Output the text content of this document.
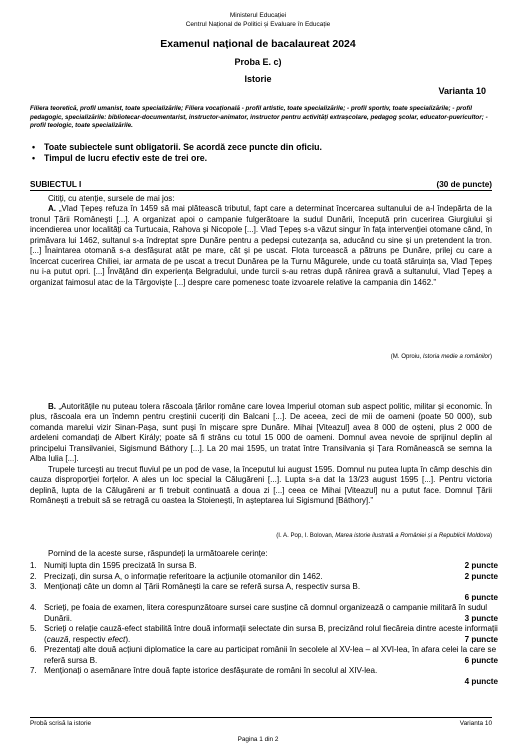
Ministerul Educației
Centrul Național de Politici și Evaluare în Educație
Examenul național de bacalaureat 2024
Proba E. c)
Istorie
Varianta 10
Filiera teoretică, profil umanist, toate specializările; Filiera vocațională - profil artistic, toate specializările; - profil sportiv, toate specializările; - profil pedagogic, specializările: bibliotecar-documentarist, instructor-animator, instructor pentru activități extrașcolare, pedagog școlar, educator-puericultor; - profil teologic, toate specializările.
• Toate subiectele sunt obligatorii. Se acordă zece puncte din oficiu.
• Timpul de lucru efectiv este de trei ore.
SUBIECTUL I	(30 de puncte)

Citiți, cu atenție, sursele de mai jos:

A. „Vlad Țepeș refuza în 1459 să mai plătească tributul, fapt care a determinat încercarea sultanului de a-l îndepărta de la tronul Țării Românești [...]. A organizat apoi o campanie fulgerătoare la sudul Dunării, începută prin cucerirea Giurgiului și incendierea unor localități ca Turtucaia, Rahova și Nicopole [...]. Vlad Țepeș s-a văzut singur în fața intervenției otomane când, în primăvara lui 1462, sultanul s-a îndreptat spre Dunăre pentru a pedepsi cutezanța sa, aducând cu sine și un pretendent la tron. [...] Înaintarea otomană s-a desfășurat atât pe mare, cât și pe uscat. Flota turcească a pătruns pe Dunăre, prilej cu care a încercat cucerirea Chiliei, iar armata de pe uscat a trecut Dunărea pe la Turnu Măgurele, unde cu toată stăruința sa, Vlad Țepeș nu i-a putut opri. [...] Învățând din experiența Belgradului, unde turcii s-au retras după rânirea gravă a sultanului, Vlad Țepeș a organizat faimosul atac de la Târgoviște [...] despre care pomenesc toate izvoarele relative la campania din 1462.”

(M. Oproiu, Istoria medie a românilor)

B. „Autoritățile nu puteau tolera răscoala țărilor române care lovea Imperiul otoman sub aspect politic, militar și economic. În plus, răscoala era un îndemn pentru creștinii cuceriți din Balcani [...]. De aceea, zeci de mii de oameni (poate 50 000), sub comanda marelui vizir Sinan-Pașa, sunt puși în mișcare spre Dunăre. Mihai [Viteazul] avea 8 000 de oșteni, plus 2 000 de ardeleni comandați de Albert Király; poate să fi strâns cu totul 15 000 de oameni. Domnul avea nevoie de sprijinul deplin al principelui Transilvaniei, Sigismund Báthory [...]. La 20 mai 1595, un tratat între Transilvania și Țara Românească se semna la Alba Iulia [...].

Trupele turcești au trecut fluviul pe un pod de vase, la începutul lui august 1595. Domnul nu putea lupta în câmp deschis din cauza disproporției forțelor. A ales un loc special la Călugăreni [...]. Lupta s-a dat la 13/23 august 1595 [...]. Pentru victoria deplină, lupta de la Călugăreni ar fi trebuit continuată a doua zi [...] ceea ce Mihai [Viteazul] nu a putut face. Domnul Țării Românești a trebuit să se retragă cu oastea la Stoienești, în așteptarea lui Sigismund [Báthory].”

(I. A. Pop, I. Bolovan, Marea istorie ilustrată a României și a Republicii Moldova)

Pornind de la aceste surse, răspundeți la următoarele cerințe:

1. Numiți lupta din 1595 precizată în sursa B.	2 puncte
2. Precizați, din sursa A, o informație referitoare la acțiunile otomanilor din 1462.	2 puncte
3. Menționați câte un domn al Țării Românești la care se referă sursa A, respectiv sursa B.
6 puncte
4. Scrieți, pe foaia de examen, litera corespunzătoare sursei care susține că domnul organizează o campanie militară în sudul Dunării.	3 puncte
5. Scrieți o relație cauză-efect stabilită între două informații selectate din sursa B, precizând rolul fiecăreia dintre aceste informații (cauză, respectiv efect).	7 puncte
6. Prezentați alte două acțiuni diplomatice la care au participat românii în secolele al XV-lea – al XVI-lea, în afara celei la care se referă sursa B.	6 puncte
7. Menționați o asemănare între două fapte istorice desfășurate de români în secolul al XIV-lea.
4 puncte
Probă scrisă la istorie	Varianta 10
Pagina 1 din 2
